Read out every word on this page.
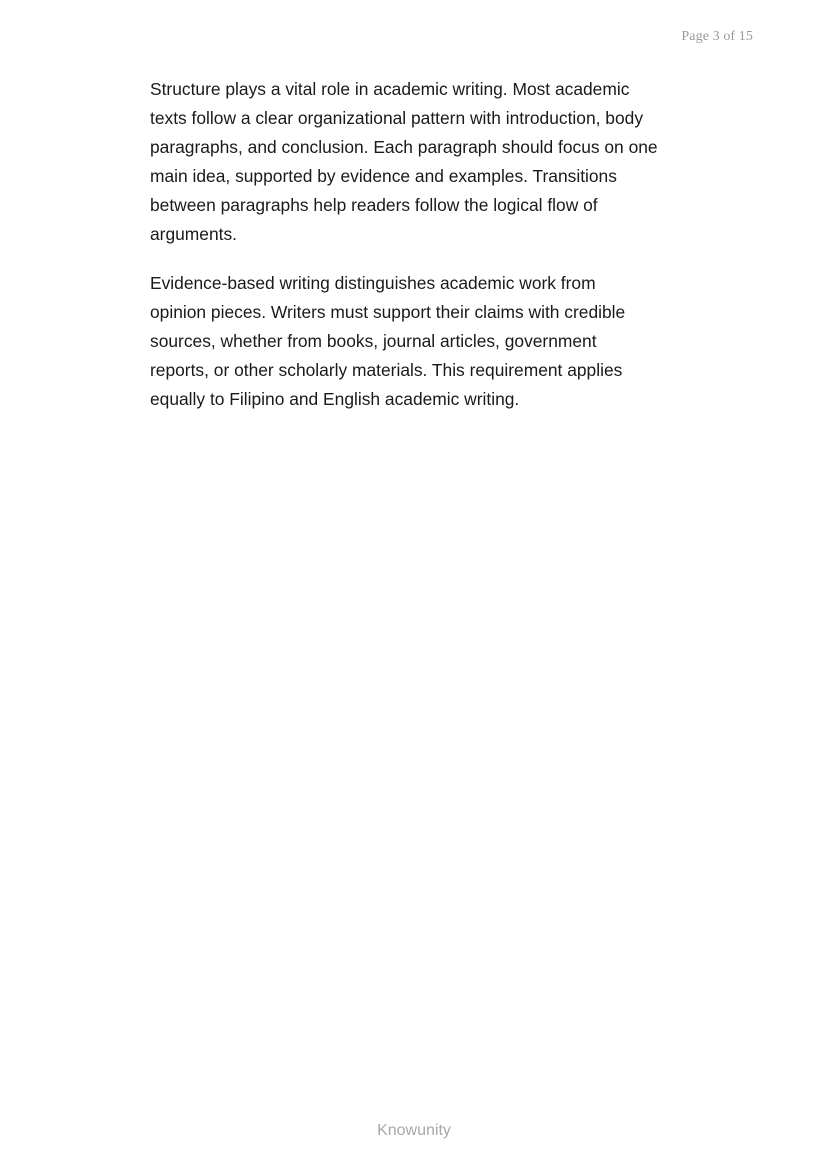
Page 3 of 15

Structure plays a vital role in academic writing. Most academic
texts follow a clear organizational pattern with introduction, body
paragraphs, and conclusion. Each paragraph should focus on one
main idea, supported by evidence and examples. Transitions
between paragraphs help readers follow the logical flow of
arguments.

Evidence-based writing distinguishes academic work from
opinion pieces. Writers must support their claims with credible
sources, whether from books, journal articles, government
reports, or other scholarly materials. This requirement applies
equally to Filipino and English academic writing.

Knowunity
